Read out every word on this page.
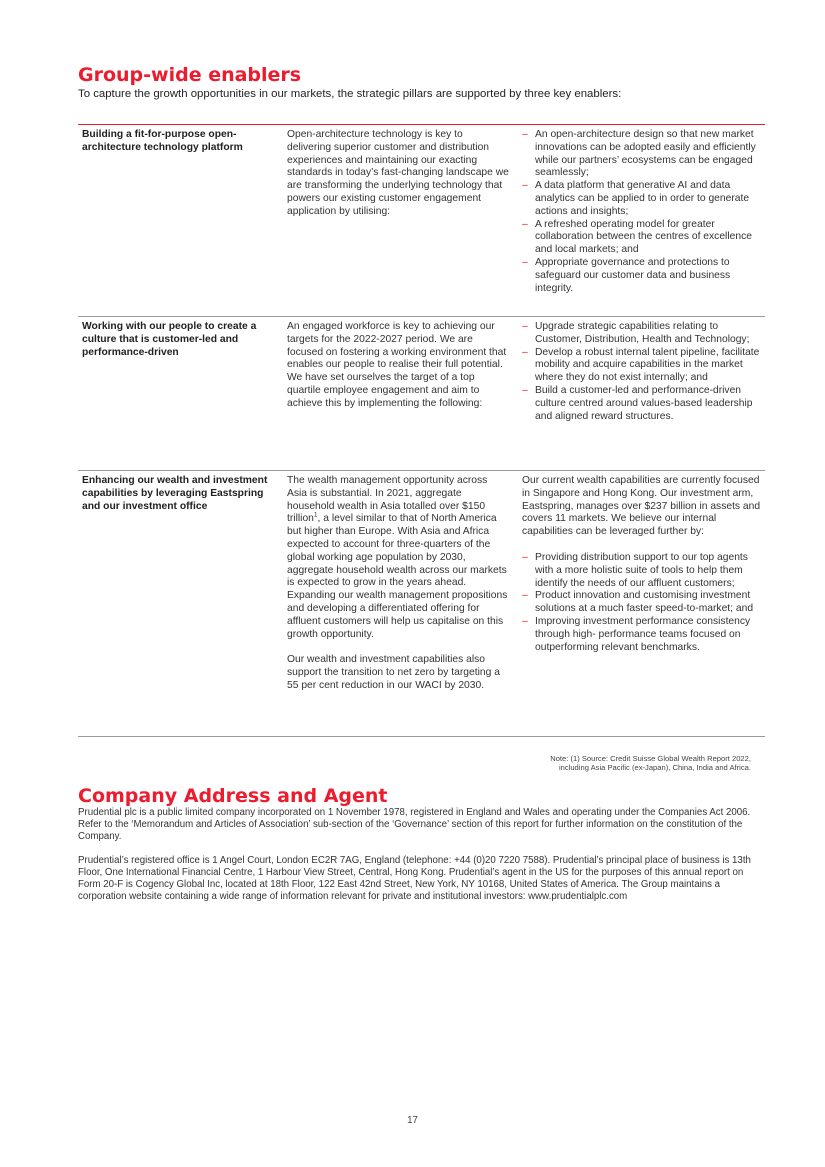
Group-wide enablers

To capture the growth opportunities in our markets, the strategic pillars are supported by three key enablers:

Building a fit-for-purpose open-architecture technology platform

Open-architecture technology is key to delivering superior customer and distribution experiences and maintaining our exacting standards in today’s fast-changing landscape we are transforming the underlying technology that powers our existing customer engagement application by utilising:

– An open-architecture design so that new market innovations can be adopted easily and efficiently while our partners’ ecosystems can be engaged seamlessly;
– A data platform that generative AI and data analytics can be applied to in order to generate actions and insights;
– A refreshed operating model for greater collaboration between the centres of excellence and local markets; and
– Appropriate governance and protections to safeguard our customer data and business integrity.
Working with our people to create a culture that is customer-led and performance-driven

An engaged workforce is key to achieving our targets for the 2022-2027 period. We are focused on fostering a working environment that enables our people to realise their full potential. We have set ourselves the target of a top quartile employee engagement and aim to achieve this by implementing the following:

– Upgrade strategic capabilities relating to Customer, Distribution, Health and Technology;
– Develop a robust internal talent pipeline, facilitate mobility and acquire capabilities in the market where they do not exist internally; and
– Build a customer-led and performance-driven culture centred around values-based leadership and aligned reward structures.
Enhancing our wealth and investment capabilities by leveraging Eastspring and our investment office

The wealth management opportunity across Asia is substantial. In 2021, aggregate household wealth in Asia totalled over $150 trillion$^1$, a level similar to that of North America but higher than Europe. With Asia and Africa expected to account for three-quarters of the global working age population by 2030, aggregate household wealth across our markets is expected to grow in the years ahead. Expanding our wealth management propositions and developing a differentiated offering for affluent customers will help us capitalise on this growth opportunity.

Our wealth and investment capabilities also support the transition to net zero by targeting a 55 per cent reduction in our WACI by 2030.

Our current wealth capabilities are currently focused in Singapore and Hong Kong. Our investment arm, Eastspring, manages over $237 billion in assets and covers 11 markets. We believe our internal capabilities can be leveraged further by:

– Providing distribution support to our top agents with a more holistic suite of tools to help them identify the needs of our affluent customers;
– Product innovation and customising investment solutions at a much faster speed-to-market; and
– Improving investment performance consistency through high- performance teams focused on outperforming relevant benchmarks.
Note: (1) Source: Credit Suisse Global Wealth Report 2022,
including Asia Pacific (ex-Japan), China, India and Africa.
Company Address and Agent

Prudential plc is a public limited company incorporated on 1 November 1978, registered in England and Wales and operating under the Companies Act 2006. Refer to the ‘Memorandum and Articles of Association’ sub-section of the ‘Governance’ section of this report for further information on the constitution of the Company.

Prudential’s registered office is 1 Angel Court, London EC2R 7AG, England (telephone: +44 (0)20 7220 7588). Prudential’s principal place of business is 13th Floor, One International Financial Centre, 1 Harbour View Street, Central, Hong Kong. Prudential’s agent in the US for the purposes of this annual report on Form 20-F is Cogency Global Inc, located at 18th Floor, 122 East 42nd Street, New York, NY 10168, United States of America. The Group maintains a corporation website containing a wide range of information relevant for private and institutional investors: www.prudentialplc.com

17
